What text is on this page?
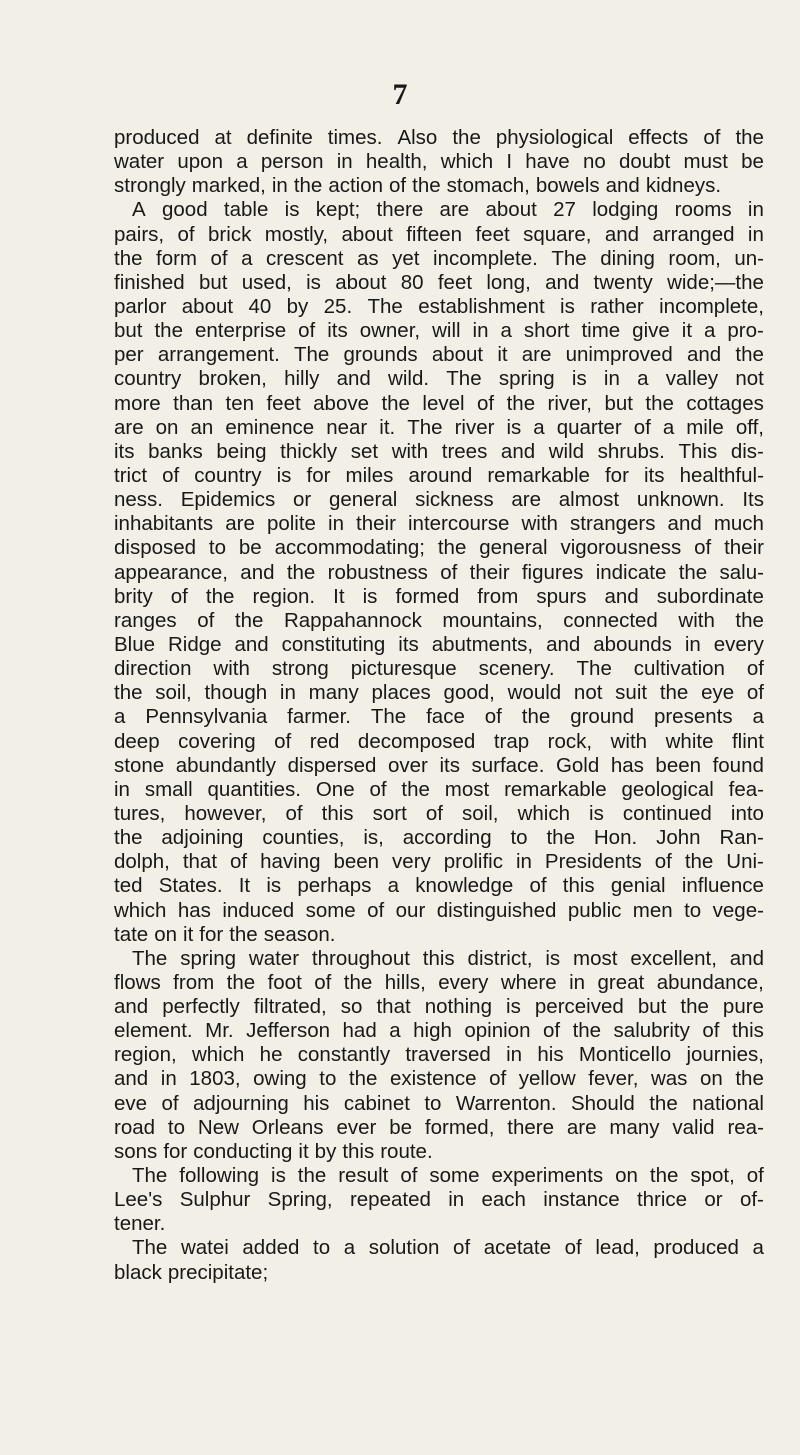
7
produced at definite times. Also the physiological effects of the
water upon a person in health, which I have no doubt must be
strongly marked, in the action of the stomach, bowels and kidneys.
A good table is kept; there are about 27 lodging rooms in
pairs, of brick mostly, about fifteen feet square, and arranged in
the form of a crescent as yet incomplete. The dining room, un-
finished but used, is about 80 feet long, and twenty wide;—the
parlor about 40 by 25. The establishment is rather incomplete,
but the enterprise of its owner, will in a short time give it a pro-
per arrangement. The grounds about it are unimproved and the
country broken, hilly and wild. The spring is in a valley not
more than ten feet above the level of the river, but the cottages
are on an eminence near it. The river is a quarter of a mile off,
its banks being thickly set with trees and wild shrubs. This dis-
trict of country is for miles around remarkable for its healthful-
ness. Epidemics or general sickness are almost unknown. Its
inhabitants are polite in their intercourse with strangers and much
disposed to be accommodating; the general vigorousness of their
appearance, and the robustness of their figures indicate the salu-
brity of the region. It is formed from spurs and subordinate
ranges of the Rappahannock mountains, connected with the
Blue Ridge and constituting its abutments, and abounds in every
direction with strong picturesque scenery. The cultivation of
the soil, though in many places good, would not suit the eye of
a Pennsylvania farmer. The face of the ground presents a
deep covering of red decomposed trap rock, with white flint
stone abundantly dispersed over its surface. Gold has been found
in small quantities. One of the most remarkable geological fea-
tures, however, of this sort of soil, which is continued into
the adjoining counties, is, according to the Hon. John Ran-
dolph, that of having been very prolific in Presidents of the Uni-
ted States. It is perhaps a knowledge of this genial influence
which has induced some of our distinguished public men to vege-
tate on it for the season.
The spring water throughout this district, is most excellent, and
flows from the foot of the hills, every where in great abundance,
and perfectly filtrated, so that nothing is perceived but the pure
element. Mr. Jefferson had a high opinion of the salubrity of this
region, which he constantly traversed in his Monticello journies,
and in 1803, owing to the existence of yellow fever, was on the
eve of adjourning his cabinet to Warrenton. Should the national
road to New Orleans ever be formed, there are many valid rea-
sons for conducting it by this route.
The following is the result of some experiments on the spot, of
Lee's Sulphur Spring, repeated in each instance thrice or of-
tener.
The watei added to a solution of acetate of lead, produced a
black precipitate;
